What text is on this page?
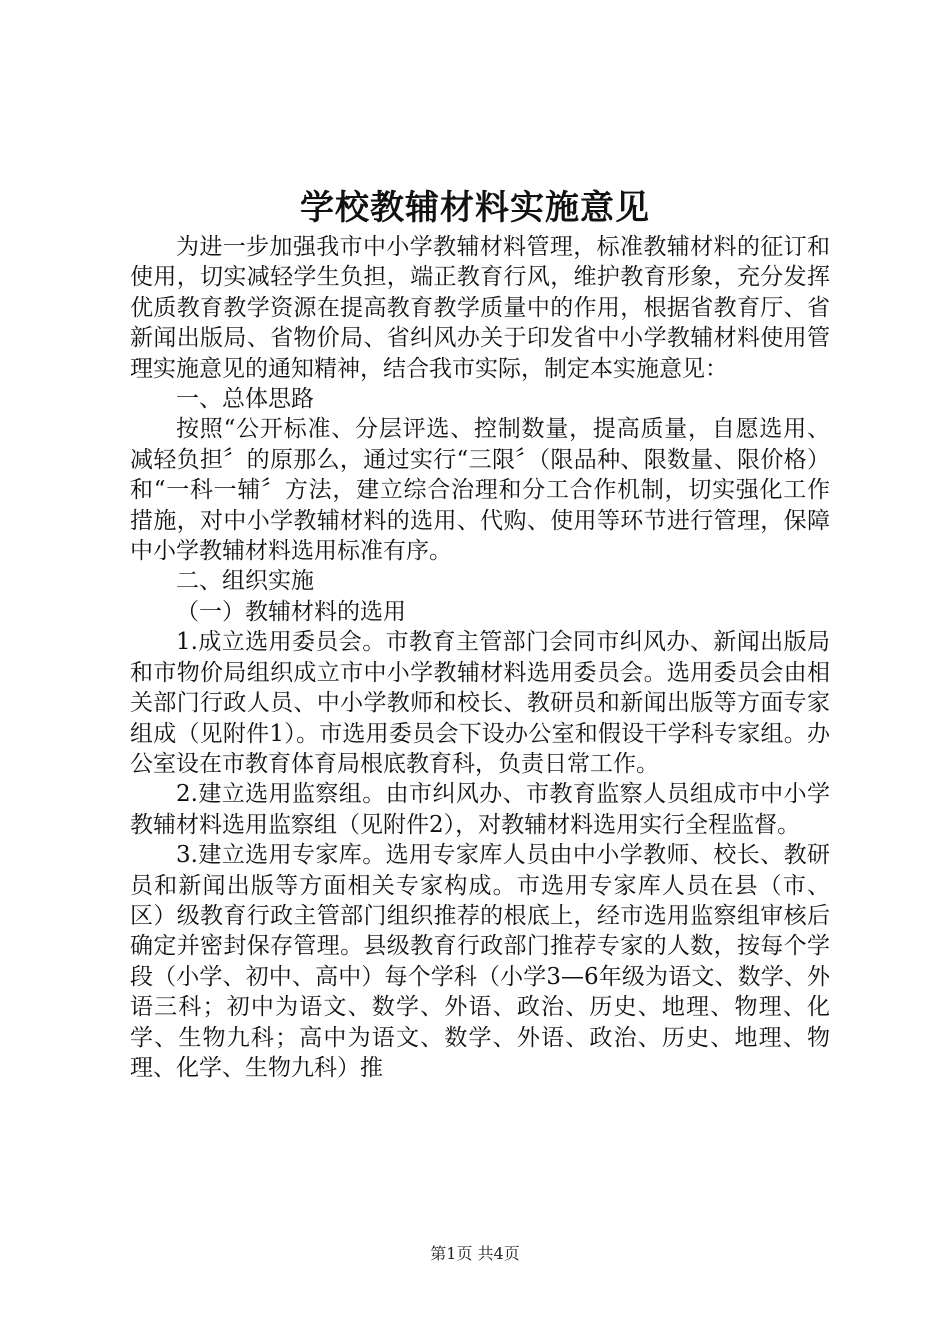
学校教辅材料实施意见

为进一步加强我市中小学教辅材料管理，标准教辅材料的征订和使用，切实减轻学生负担，端正教育行风，维护教育形象，充分发挥优质教育教学资源在提高教育教学质量中的作用，根据省教育厅、省新闻出版局、省物价局、省纠风办关于印发省中小学教辅材料使用管理实施意见的通知精神，结合我市实际，制定本实施意见：

一、总体思路

按照“公开标准、分层评选、控制数量，提高质量，自愿选用、减轻负担〞的原那么，通过实行“三限〞（限品种、限数量、限价格）和“一科一辅〞方法，建立综合治理和分工合作机制，切实强化工作措施，对中小学教辅材料的选用、代购、使用等环节进行管理，保障中小学教辅材料选用标准有序。

二、组织实施

（一）教辅材料的选用

1.成立选用委员会。市教育主管部门会同市纠风办、新闻出版局和市物价局组织成立市中小学教辅材料选用委员会。选用委员会由相关部门行政人员、中小学教师和校长、教研员和新闻出版等方面专家组成（见附件1）。市选用委员会下设办公室和假设干学科专家组。办公室设在市教育体育局根底教育科，负责日常工作。

2.建立选用监察组。由市纠风办、市教育监察人员组成市中小学教辅材料选用监察组（见附件2），对教辅材料选用实行全程监督。

3.建立选用专家库。选用专家库人员由中小学教师、校长、教研员和新闻出版等方面相关专家构成。市选用专家库人员在县（市、区）级教育行政主管部门组织推荐的根底上，经市选用监察组审核后确定并密封保存管理。县级教育行政部门推荐专家的人数，按每个学段（小学、初中、高中）每个学科（小学3—6年级为语文、数学、外语三科；初中为语文、数学、外语、政治、历史、地理、物理、化学、生物九科；高中为语文、数学、外语、政治、历史、地理、物理、化学、生物九科）推

第1页 共4页
